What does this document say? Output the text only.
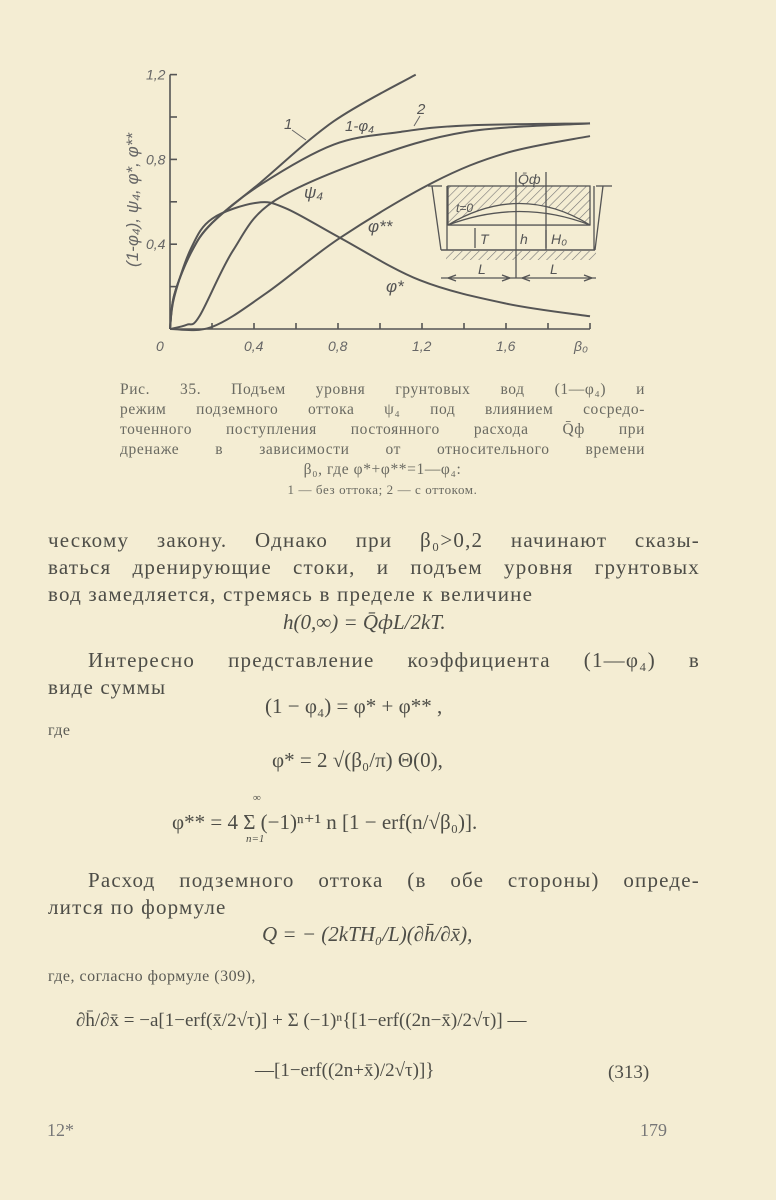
0	0,4	0,8	1,2	1,6	β₀
0,4
0,8
1,2
(1-φ₄), ψ₄, φ*, φ**
1
2
1-φ₄
ψ₄
φ**
φ*
Q̄ф
t=0
T h H₀
L	L
Рис. 35. Подъем уровня грунтовых вод (1—φ₄) и
режим подземного оттока ψ₄ под влиянием сосредо-
точенного поступления постоянного расхода Q̄ф при
дренаже в зависимости от относительного времени
β₀, где φ*+φ**=1—φ₄:
1 — без оттока; 2 — с оттоком.
ческому закону. Однако при β₀>0,2 начинают сказы-
ваться дренирующие стоки, и подъем уровня грунтовых
вод замедляется, стремясь в пределе к величине
h(0,∞) = Q̄фL/2kT.
Интересно представление коэффициента (1—φ₄) в
виде суммы
(1 − φ₄) = φ* + φ** ,
где
φ* = 2 √(β₀/π) Θ(0),
φ** = 4 Σ (−1)ⁿ⁺¹ n [1 − erf(n/√β₀)].
∞
n=1
Расход подземного оттока (в обе стороны) опреде-
лится по формуле
Q = − (2kTH₀/L)(∂h̄/∂x̄),
где, согласно формуле (309),
∂h̄/∂x̄ = −a[1−erf(x̄/2√τ)] + Σ (−1)ⁿ{[1−erf((2n−x̄)/2√τ)] —
—[1−erf((2n+x̄)/2√τ)]}	(313)
12*	179
